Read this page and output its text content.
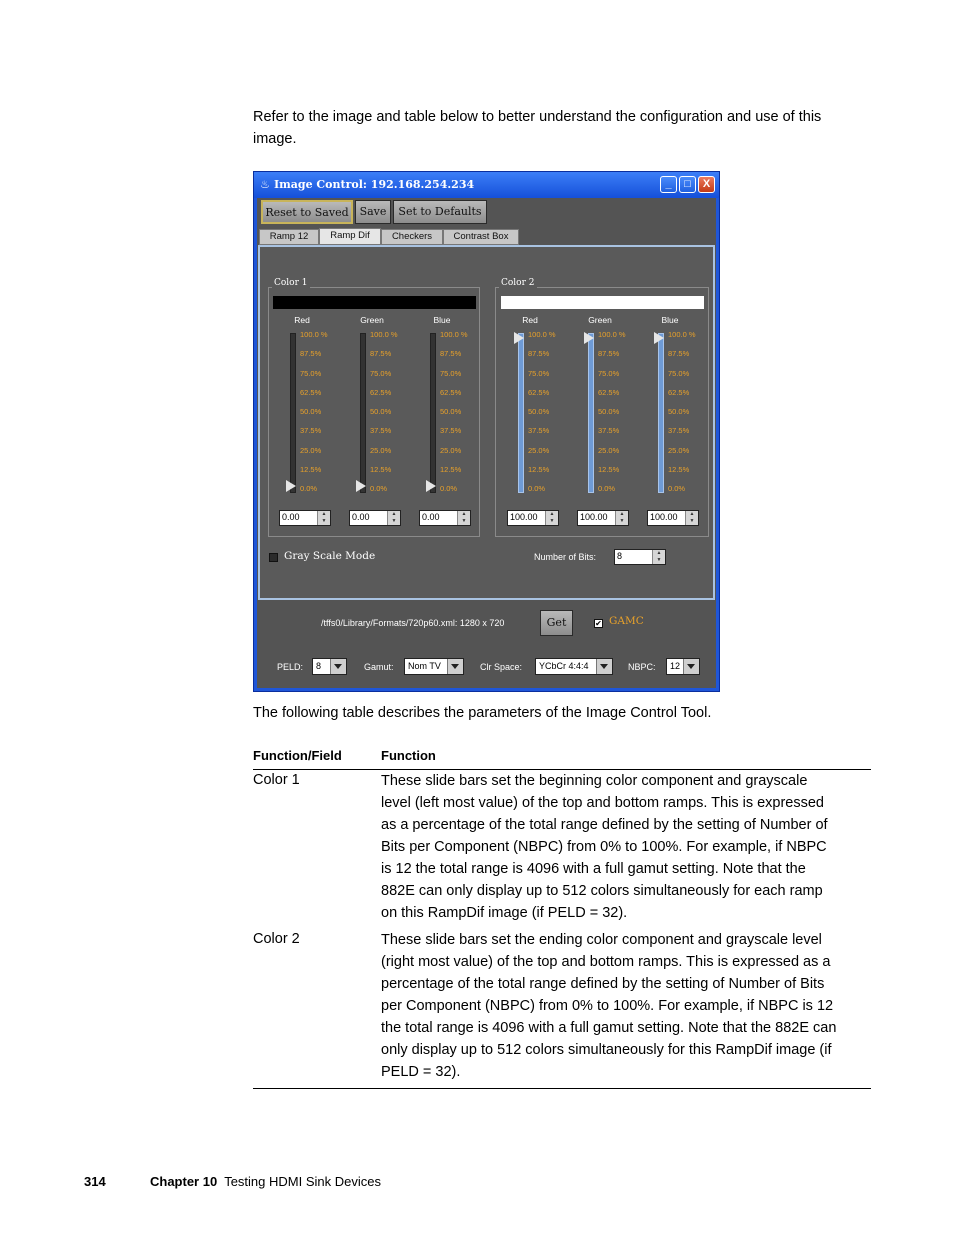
Refer to the image and table below to better understand the configuration and use of this image.
♨ Image Control: 192.168.254.234	_	□	X
Reset to Saved Save	Set to Defaults
Ramp 12	Ramp Dif	Checkers	Contrast Box
Color 1	Color 2
Red
100.0 %
87.5%
75.0%
62.5%
50.0%
37.5%
25.0%
12.5%
0.0%
0.00	▲
▼
Green
100.0 %
87.5%
75.0%
62.5%
50.0%
37.5%
25.0%
12.5%
0.0%
0.00	▲
▼
Blue
100.0 %
87.5%
75.0%
62.5%
50.0%
37.5%
25.0%
12.5%
0.0%
0.00	▲
▼
Red
100.0 %
87.5%
75.0%
62.5%
50.0%
37.5%
25.0%
12.5%
0.0%
100.00	▲
▼
Green
100.0 %
87.5%
75.0%
62.5%
50.0%
37.5%
25.0%
12.5%
0.0%
100.00	▲
▼
Blue
100.0 %
87.5%
75.0%
62.5%
50.0%
37.5%
25.0%
12.5%
0.0%
100.00	▲
▼
Gray Scale Mode	Number of Bits: 8	▲
▼
/tffs0/Library/Formats/720p60.xml: 1280 x 720	Get	✔ GAMC
PELD: 8	Gamut: Nom TV	Clr Space: YCbCr 4:4:4	NBPC: 12
The following table describes the parameters of the Image Control Tool.
Function/Field	Function
Color 1	These slide bars set the beginning color component and grayscale
level (left most value) of the top and bottom ramps. This is expressed
as a percentage of the total range defined by the setting of Number of
Bits per Component (NBPC) from 0% to 100%. For example, if NBPC
is 12 the total range is 4096 with a full gamut setting. Note that the
882E can only display up to 512 colors simultaneously for each ramp
on this RampDif image (if PELD = 32).
Color 2	These slide bars set the ending color component and grayscale level
(right most value) of the top and bottom ramps. This is expressed as a
percentage of the total range defined by the setting of Number of Bits
per Component (NBPC) from 0% to 100%. For example, if NBPC is 12
the total range is 4096 with a full gamut setting. Note that the 882E can
only display up to 512 colors simultaneously for this RampDif image (if
PELD = 32).
314	Chapter 10 Testing HDMI Sink Devices
